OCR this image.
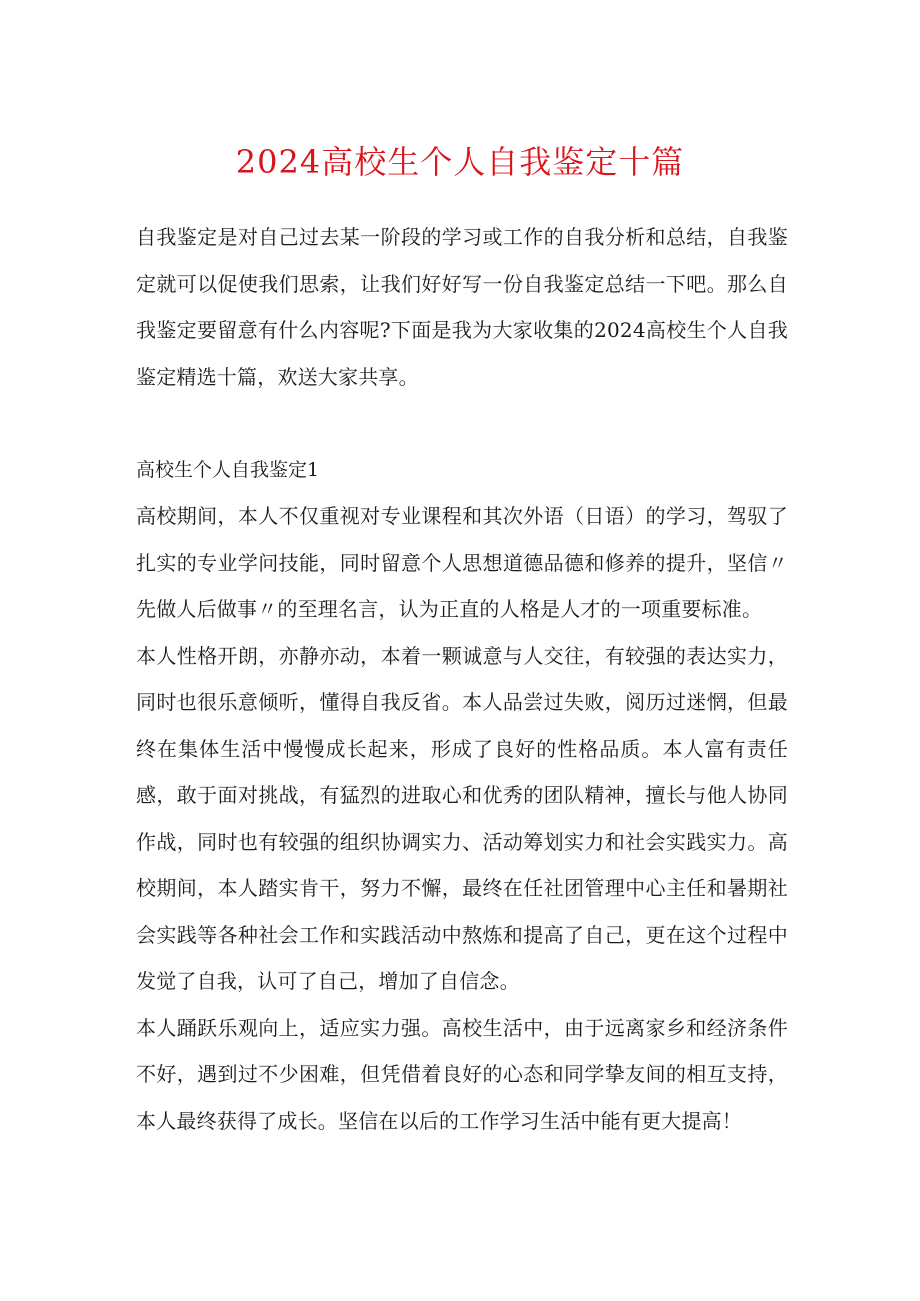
2024高校生个人自我鉴定十篇

自我鉴定是对自己过去某一阶段的学习或工作的自我分析和总结，自我鉴定就可以促使我们思索，让我们好好写一份自我鉴定总结一下吧。那么自我鉴定要留意有什么内容呢?下面是我为大家收集的2024高校生个人自我鉴定精选十篇，欢送大家共享。

高校生个人自我鉴定1

高校期间，本人不仅重视对专业课程和其次外语（日语）的学习，驾驭了扎实的专业学问技能，同时留意个人思想道德品德和修养的提升，坚信〃先做人后做事〃的至理名言，认为正直的人格是人才的一项重要标准。

本人性格开朗，亦静亦动，本着一颗诚意与人交往，有较强的表达实力，同时也很乐意倾听，懂得自我反省。本人品尝过失败，阅历过迷惘，但最终在集体生活中慢慢成长起来，形成了良好的性格品质。本人富有责任感，敢于面对挑战，有猛烈的进取心和优秀的团队精神，擅长与他人协同作战，同时也有较强的组织协调实力、活动筹划实力和社会实践实力。高校期间，本人踏实肯干，努力不懈，最终在任社团管理中心主任和暑期社会实践等各种社会工作和实践活动中熬炼和提高了自己，更在这个过程中发觉了自我，认可了自己，增加了自信念。

本人踊跃乐观向上，适应实力强。高校生活中，由于远离家乡和经济条件不好，遇到过不少困难，但凭借着良好的心态和同学挚友间的相互支持，本人最终获得了成长。坚信在以后的工作学习生活中能有更大提高！
